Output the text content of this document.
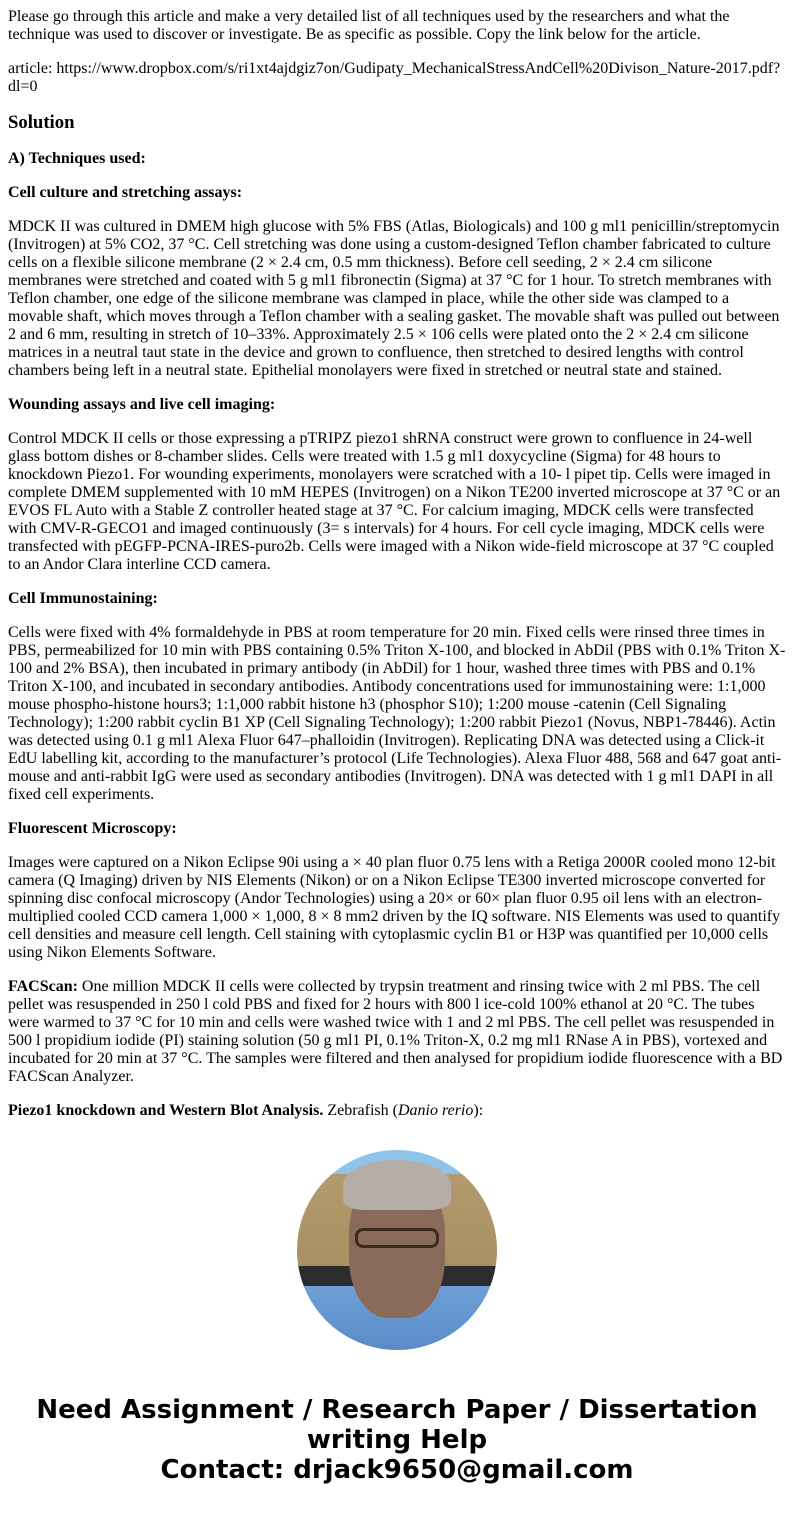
Please go through this article and make a very detailed list of all techniques used by the researchers and what the technique was used to discover or investigate. Be as specific as possible. Copy the link below for the article.

article: https://www.dropbox.com/s/ri1xt4ajdgiz7on/Gudipaty_MechanicalStressAndCell%20Divison_Nature-2017.pdf?dl=0

Solution

A) Techniques used:

Cell culture and stretching assays:

MDCK II was cultured in DMEM high glucose with 5% FBS (Atlas, Biologicals) and 100 g ml1 penicillin/streptomycin (Invitrogen) at 5% CO2, 37 °C. Cell stretching was done using a custom-designed Teflon chamber fabricated to culture cells on a flexible silicone membrane (2 × 2.4 cm, 0.5 mm thickness). Before cell seeding, 2 × 2.4 cm silicone membranes were stretched and coated with 5 g ml1 fibronectin (Sigma) at 37 °C for 1 hour. To stretch membranes with Teflon chamber, one edge of the silicone membrane was clamped in place, while the other side was clamped to a movable shaft, which moves through a Teflon chamber with a sealing gasket. The movable shaft was pulled out between 2 and 6 mm, resulting in stretch of 10–33%. Approximately 2.5 × 106 cells were plated onto the 2 × 2.4 cm silicone matrices in a neutral taut state in the device and grown to confluence, then stretched to desired lengths with control chambers being left in a neutral state. Epithelial monolayers were fixed in stretched or neutral state and stained.

Wounding assays and live cell imaging:

Control MDCK II cells or those expressing a pTRIPZ piezo1 shRNA construct were grown to confluence in 24-well glass bottom dishes or 8-chamber slides. Cells were treated with 1.5 g ml1 doxycycline (Sigma) for 48 hours to knockdown Piezo1. For wounding experiments, monolayers were scratched with a 10- l pipet tip. Cells were imaged in complete DMEM supplemented with 10 mM HEPES (Invitrogen) on a Nikon TE200 inverted microscope at 37 °C or an EVOS FL Auto with a Stable Z controller heated stage at 37 °C. For calcium imaging, MDCK cells were transfected with CMV-R-GECO1 and imaged continuously (3= s intervals) for 4 hours. For cell cycle imaging, MDCK cells were transfected with pEGFP-PCNA-IRES-puro2b. Cells were imaged with a Nikon wide-field microscope at 37 °C coupled to an Andor Clara interline CCD camera.

Cell Immunostaining:

Cells were fixed with 4% formaldehyde in PBS at room temperature for 20 min. Fixed cells were rinsed three times in PBS, permeabilized for 10 min with PBS containing 0.5% Triton X-100, and blocked in AbDil (PBS with 0.1% Triton X-100 and 2% BSA), then incubated in primary antibody (in AbDil) for 1 hour, washed three times with PBS and 0.1% Triton X-100, and incubated in secondary antibodies. Antibody concentrations used for immunostaining were: 1:1,000 mouse phospho-histone hours3; 1:1,000 rabbit histone h3 (phosphor S10); 1:200 mouse -catenin (Cell Signaling Technology); 1:200 rabbit cyclin B1 XP (Cell Signaling Technology); 1:200 rabbit Piezo1 (Novus, NBP1-78446). Actin was detected using 0.1 g ml1 Alexa Fluor 647–phalloidin (Invitrogen). Replicating DNA was detected using a Click-it EdU labelling kit, according to the manufacturer’s protocol (Life Technologies). Alexa Fluor 488, 568 and 647 goat anti-mouse and anti-rabbit IgG were used as secondary antibodies (Invitrogen). DNA was detected with 1 g ml1 DAPI in all fixed cell experiments.

Fluorescent Microscopy:

Images were captured on a Nikon Eclipse 90i using a × 40 plan fluor 0.75 lens with a Retiga 2000R cooled mono 12-bit camera (Q Imaging) driven by NIS Elements (Nikon) or on a Nikon Eclipse TE300 inverted microscope converted for spinning disc confocal microscopy (Andor Technologies) using a 20× or 60× plan fluor 0.95 oil lens with an electron-multiplied cooled CCD camera 1,000 × 1,000, 8 × 8 mm2 driven by the IQ software. NIS Elements was used to quantify cell densities and measure cell length. Cell staining with cytoplasmic cyclin B1 or H3P was quantified per 10,000 cells using Nikon Elements Software.

FACScan: One million MDCK II cells were collected by trypsin treatment and rinsing twice with 2 ml PBS. The cell pellet was resuspended in 250 l cold PBS and fixed for 2 hours with 800 l ice-cold 100% ethanol at 20 °C. The tubes were warmed to 37 °C for 10 min and cells were washed twice with 1 and 2 ml PBS. The cell pellet was resuspended in 500 l propidium iodide (PI) staining solution (50 g ml1 PI, 0.1% Triton-X, 0.2 mg ml1 RNase A in PBS), vortexed and incubated for 20 min at 37 °C. The samples were filtered and then analysed for propidium iodide fluorescence with a BD FACScan Analyzer.

Piezo1 knockdown and Western Blot Analysis. Zebrafish (Danio rerio):

Need Assignment / Research Paper / Dissertation writing Help
Contact: drjack9650@gmail.com
